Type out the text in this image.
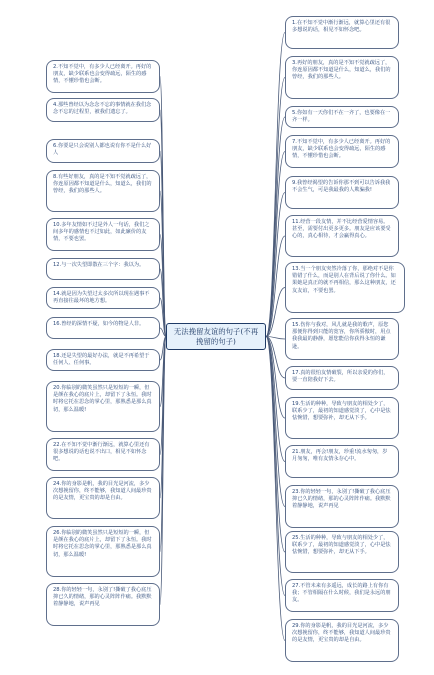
无法挽留友谊的句子(不再挽留的句子)
2.不知不觉中，有多少人已经离开。再好的朋友，缺少联系也会变得疏远，陌生的感情，不懂珍惜也会断。
4.那些曾经以为念念不忘的事情就在我们念念不忘的过程里，被我们遗忘了。
6.你要是只会说别人都也说有你不是什么好人
8.有些好朋友，真的是不知不觉就疏远了，你连原因都不知道是什么，知道么，我们的曾经，我们的那些人。
10.多年友情如不过是外人一句话，我们之间多年的感情也不过如此，如此廉价的友情，不要也罢。
12.与一次失望即散在三个字：我以为。
14.就是因为失望过太多次所以现在遇事不再直接往最坏的地方想。
16.曾经的深情不疑，如今的物是人非。
18.还是失望的最好办法，就是不再希望于任何人、任何事。
20.你临别的微笑虽然只是短短的一瞬，但是颜在我心的底片上，却留下了永恒。我时时将它托在思念的掌心里，那熟悉是那么真切，那么温暖!
22.在不知不觉中渐行渐远，就算心里还有很多想说的话也说不出口，相见不如怀念吧。
24.你的身影是帆，我的目光是河流，多少次想挽留你，终不能够，我知道人间最珍贵的是友情，更宝贵的却是自由。
26.你临别的微笑虽然只是短短的一瞬，但是颜在我心的底片上，却留下了永恒。我时时将它托在思念的掌心里，那熟悉是那么真切，那么温暖!
28.你的轻轻一句，永别了!撕破了我心底压抑已久的情绪，那的心灵阵阵作痛。我默默着静静地，说声再见
1.在不知不觉中渐行渐远，就算心里还有很多想说的话，相见不如怀念吧。
3.再好的朋友，真的是不知不觉就疏远了，你连原因都不知道是什么，知道么，我们的曾经，我们的那些人。
5.你如有一天你们不在一齐了，也要像在一齐一样。
7.不知不觉中，有多少人已经离开。再好的朋友，缺少联系也会变得疏远，陌生的感情，不懂珍惜也会断。
9.我曾经渴望的告诉你那不到可以告诉我我不会生气，可是我最我的人欺骗我!
11.经营一段友情，并不比经营爱情容易。甚至，需要付出更多更多。朋友是应该要受心的，真心相待，才会赢得真心。
13.当一个朋友突然冷落了你，那绝对不是你错错了什么，而是别人在背后说了你什么。如果她是真正的就不再相信，那么这种朋友，还友友谊，不要也罢。
15.伤你与我对，风儿就是我的歌声，原您那便你得到只能的宽容，你所骄傲时，用点我我最的静静，愿您能信你获得永恒的谦逊。
17.真的很怕友情破裂，所以亲爱的你们，要一直陪我好下去。
19.生活的种种，导致与朋友的相处少了，联系少了，最初的知道感觉淡了，心中是怯怯惋惜，想要弥补，却无从下手。
21.朋友，再会!朋友，珍重!流水匆匆，岁月匆匆，唯有友情永存心中。
23.你的轻轻一句，永别了!撕破了我心底压抑已久的情绪，那的心灵阵阵作痛。我默默着静静地，说声再见
25.生活的种种，导致与朋友的相处少了，联系少了，最初的知道感觉淡了，心中是怯怯惋惜，想要弥补，却无从下手。
27.不管未来有多遥远，成长的路上有你有我；不管相隔在什么时候，我们是永远的朋友。
29.你的身影是帆，我的目光是河流，多少次想挽留你，终不能够，我知道人间最珍贵的是友情，更宝贵的却是自由。
